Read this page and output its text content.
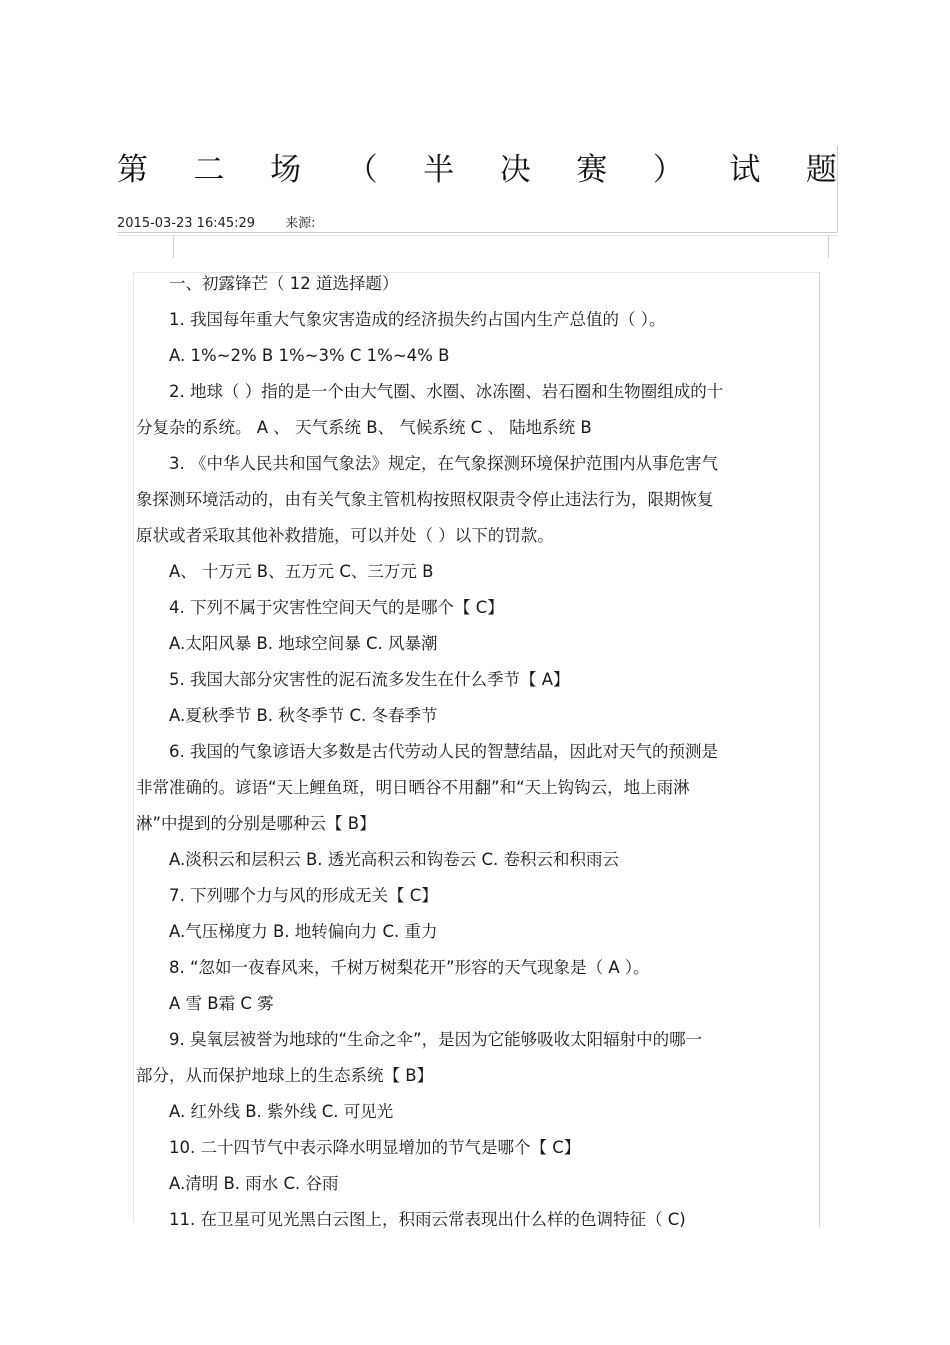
第 二 场 （ 半 决 赛 ） 试 题
2015-03-23 16:45:29 来源:

一、初露锋芒（ 12 道选择题）

1. 我国每年重大气象灾害造成的经济损失约占国内生产总值的（ ）。

A. 1%~2% B 1%~3% C 1%~4% B

2. 地球（ ）指的是一个由大气圈、水圈、冰冻圈、岩石圈和生物圈组成的十

分复杂的系统。 A 、 天气系统 B、 气候系统 C 、 陆地系统 B

3. 《中华人民共和国气象法》规定，在气象探测环境保护范围内从事危害气

象探测环境活动的，由有关气象主管机构按照权限责令停止违法行为，限期恢复

原状或者采取其他补救措施，可以并处（ ）以下的罚款。

A、 十万元 B、五万元 C、三万元 B

4. 下列不属于灾害性空间天气的是哪个【 C】

A.太阳风暴 B. 地球空间暴 C. 风暴潮

5. 我国大部分灾害性的泥石流多发生在什么季节【 A】

A.夏秋季节 B. 秋冬季节 C. 冬春季节

6. 我国的气象谚语大多数是古代劳动人民的智慧结晶，因此对天气的预测是

非常准确的。谚语“天上鲤鱼斑，明日晒谷不用翻”和“天上钩钩云，地上雨淋

淋”中提到的分别是哪种云【 B】

A.淡积云和层积云 B. 透光高积云和钩卷云 C. 卷积云和积雨云

7. 下列哪个力与风的形成无关【 C】

A.气压梯度力 B. 地转偏向力 C. 重力

8. “忽如一夜春风来，千树万树梨花开”形容的天气现象是（ A ）。

A 雪 B霜 C 雾

9. 臭氧层被誉为地球的“生命之伞”，是因为它能够吸收太阳辐射中的哪一

部分，从而保护地球上的生态系统【 B】

A. 红外线 B. 紫外线 C. 可见光

10. 二十四节气中表示降水明显增加的节气是哪个【 C】

A.清明 B. 雨水 C. 谷雨

11. 在卫星可见光黑白云图上，积雨云常表现出什么样的色调特征（ C)
